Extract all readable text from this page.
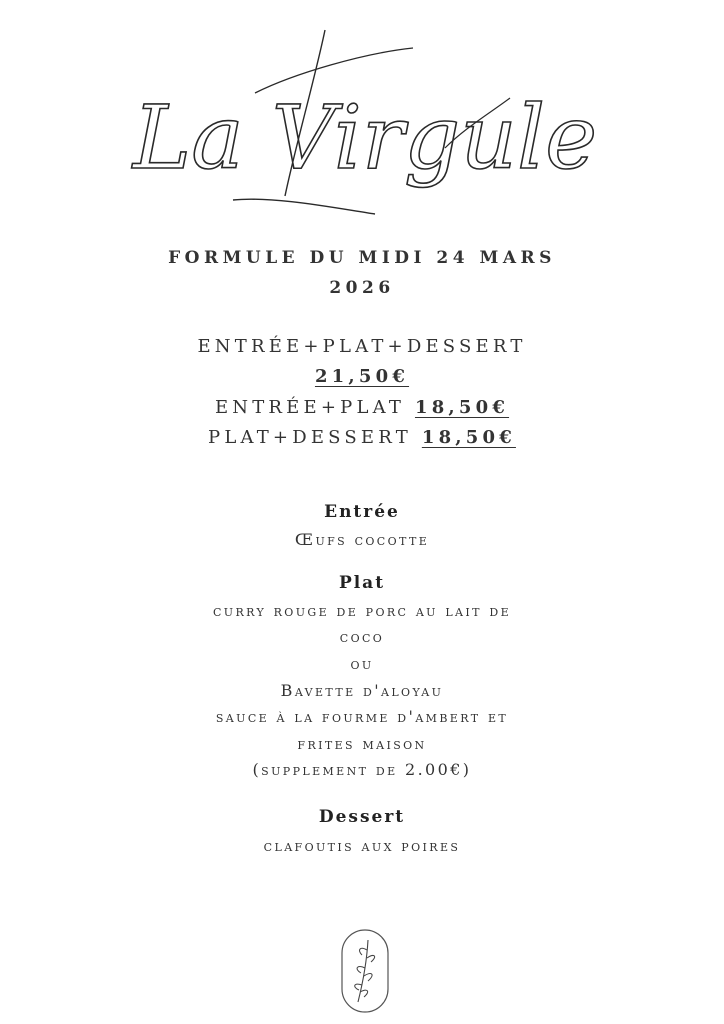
La Virgule
FORMULE DU MIDI 24 MARS
2026
ENTRÉE+PLAT+DESSERT
21,50€
ENTRÉE+PLAT 18,50€
PLAT+DESSERT 18,50€
Entrée
Œufs cocotte
Plat
curry rouge de porc au lait de
coco
ou
Bavette d'aloyau
sauce à la fourme d'ambert et
frites maison
(supplement de 2.00€)
Dessert
clafoutis aux poires
